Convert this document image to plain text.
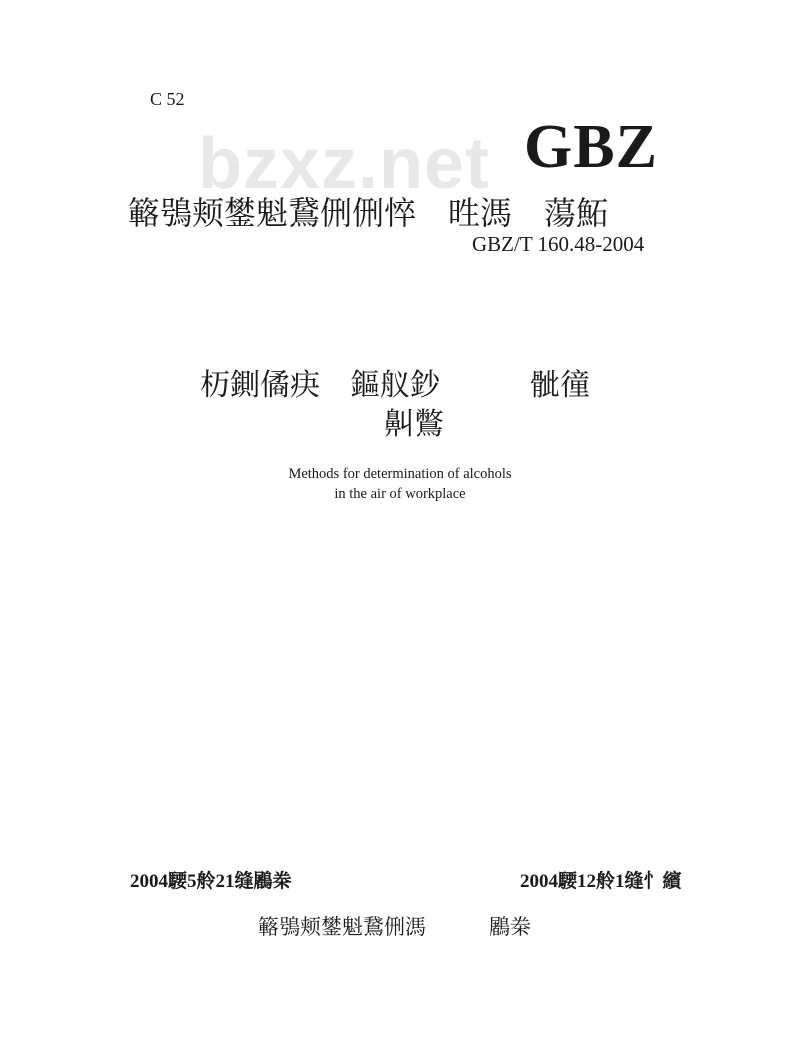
C 52
bzxz.net GBZ
簵鴞颊鐢魁鵞侀侀悴　甠溤　蕩鮖
GBZ/T 160.48-2004
杤鍘僪疦　鏂舣鈔　　　骴徸
鼼鷩
Methods for determination of alcohols
in the air of workplace
2004騕5舲21缝鷵桊	2004騕12舲1缝忄繽
簵鴞颊鐢魁鵞侀溤　　　鷵桊
